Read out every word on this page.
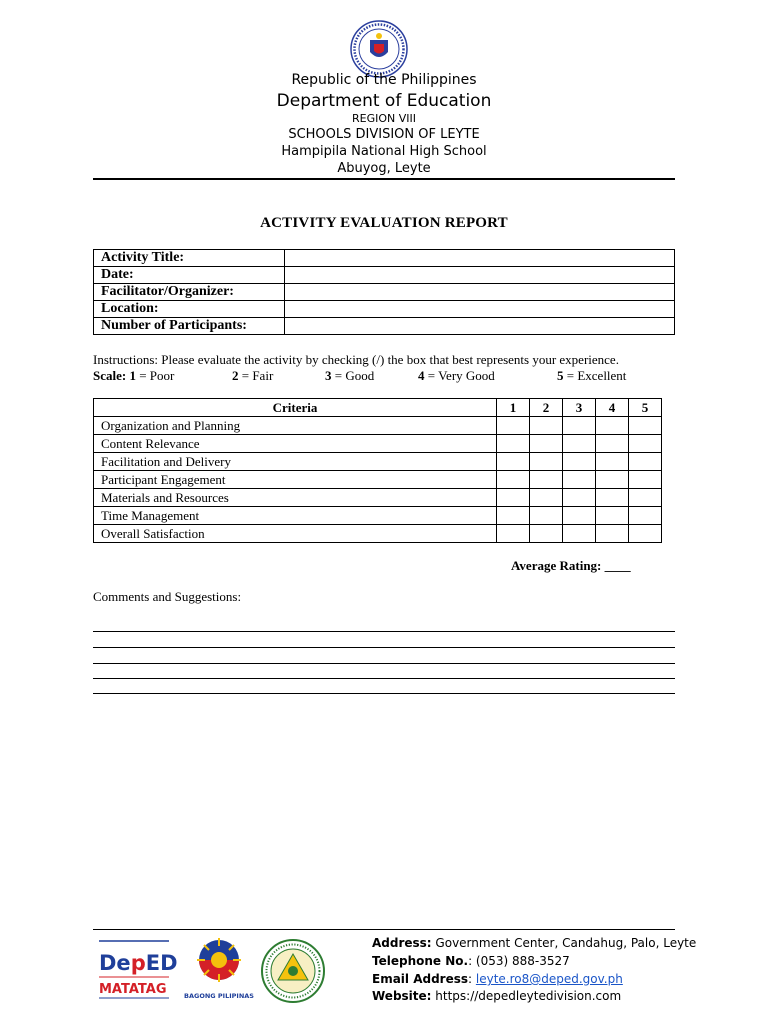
Republic of the Philippines
Department of Education
REGION VIII
SCHOOLS DIVISION OF LEYTE
Hampipila National High School
Abuyog, Leyte
ACTIVITY EVALUATION REPORT
Activity Title:	
Date:	
Facilitator/Organizer:	
Location:	
Number of Participants:	
Instructions: Please evaluate the activity by checking (/) the box that best represents your experience.
Scale: 1 = Poor	2 = Fair	3 = Good	4 = Very Good	5 = Excellent
Criteria	1	2	3	4	5
Organization and Planning					
Content Relevance					
Facilitation and Delivery					
Participant Engagement					
Materials and Resources					
Time Management					
Overall Satisfaction					
Average Rating: ____
Comments and Suggestions:
DepED
MATATAG	BAGONG PILIPINAS
Address: Government Center, Candahug, Palo, Leyte
Telephone No.: (053) 888-3527
Email Address: leyte.ro8@deped.gov.ph
Website: https://depedleytedivision.com
